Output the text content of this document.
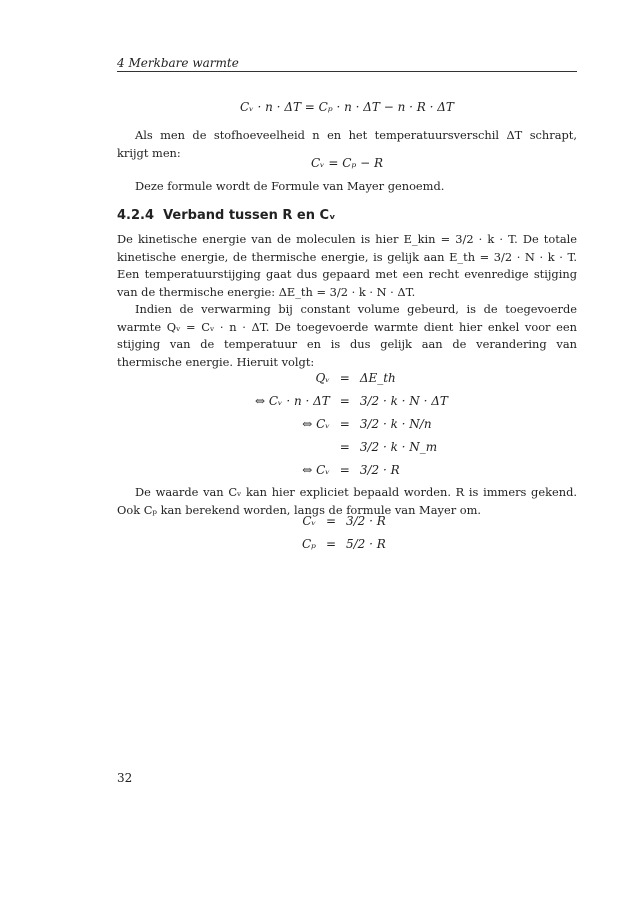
4 Merkbare warmte
Cᵥ · n · ΔT = Cₚ · n · ΔT − n · R · ΔT
Als men de stofhoeveelheid n en het temperatuursverschil ΔT schrapt, krijgt men:
Cᵥ = Cₚ − R
Deze formule wordt de Formule van Mayer genoemd.
4.2.4 Verband tussen R en Cᵥ
De kinetische energie van de moleculen is hier E_kin = 3/2 · k · T. De totale kinetische energie, de thermische energie, is gelijk aan E_th = 3/2 · N · k · T. Een temperatuurstijging gaat dus gepaard met een recht evenredige stijging van de thermische energie: ΔE_th = 3/2 · k · N · ΔT.
Indien de verwarming bij constant volume gebeurd, is de toegevoerde warmte Qᵥ = Cᵥ · n · ΔT. De toegevoerde warmte dient hier enkel voor een stijging van de temperatuur en is dus gelijk aan de verandering van thermische energie. Hieruit volgt:
Qᵥ	=	ΔE_th
⇔ Cᵥ · n · ΔT	=	3/2 · k · N · ΔT
⇔ Cᵥ	=	3/2 · k · N/n
	=	3/2 · k · N_m
⇔ Cᵥ	=	3/2 · R
De waarde van Cᵥ kan hier expliciet bepaald worden. R is immers gekend. Ook Cₚ kan berekend worden, langs de formule van Mayer om.
Cᵥ	=	3/2 · R
Cₚ	=	5/2 · R
32
